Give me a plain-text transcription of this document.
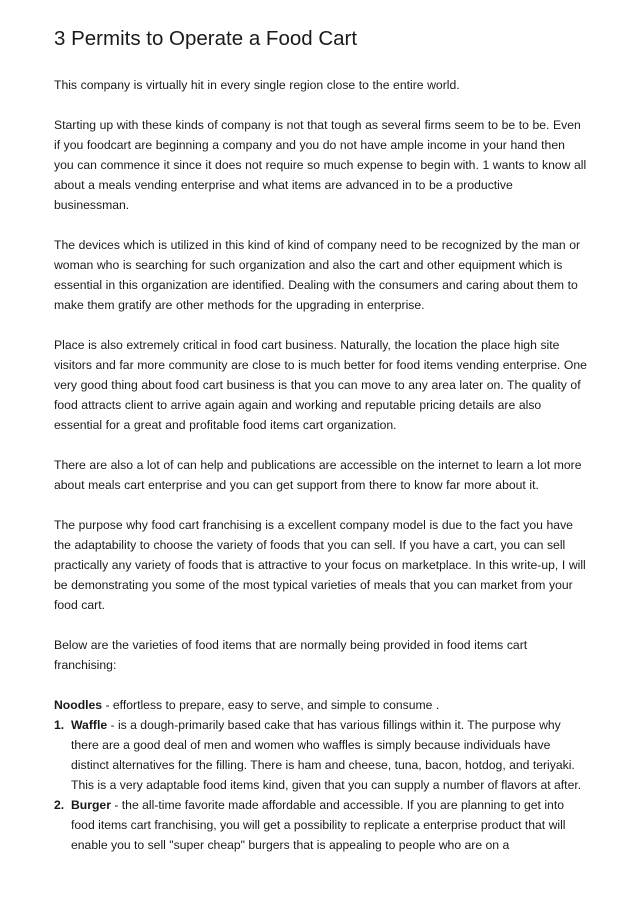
3 Permits to Operate a Food Cart

This company is virtually hit in every single region close to the entire world.

Starting up with these kinds of company is not that tough as several firms seem to be to be. Even if you foodcart are beginning a company and you do not have ample income in your hand then you can commence it since it does not require so much expense to begin with. 1 wants to know all about a meals vending enterprise and what items are advanced in to be a productive businessman.

The devices which is utilized in this kind of kind of company need to be recognized by the man or woman who is searching for such organization and also the cart and other equipment which is essential in this organization are identified. Dealing with the consumers and caring about them to make them gratify are other methods for the upgrading in enterprise.

Place is also extremely critical in food cart business. Naturally, the location the place high site visitors and far more community are close to is much better for food items vending enterprise. One very good thing about food cart business is that you can move to any area later on. The quality of food attracts client to arrive again again and working and reputable pricing details are also essential for a great and profitable food items cart organization.

There are also a lot of can help and publications are accessible on the internet to learn a lot more about meals cart enterprise and you can get support from there to know far more about it.

The purpose why food cart franchising is a excellent company model is due to the fact you have the adaptability to choose the variety of foods that you can sell. If you have a cart, you can sell practically any variety of foods that is attractive to your focus on marketplace. In this write-up, I will be demonstrating you some of the most typical varieties of meals that you can market from your food cart.

Below are the varieties of food items that are normally being provided in food items cart franchising:

Noodles - effortless to prepare, easy to serve, and simple to consume .
1. Waffle - is a dough-primarily based cake that has various fillings within it. The purpose why there are a good deal of men and women who waffles is simply because individuals have distinct alternatives for the filling. There is ham and cheese, tuna, bacon, hotdog, and teriyaki. This is a very adaptable food items kind, given that you can supply a number of flavors at after.
2. Burger - the all-time favorite made affordable and accessible. If you are planning to get into food items cart franchising, you will get a possibility to replicate a enterprise product that will enable you to sell "super cheap" burgers that is appealing to people who are on a
